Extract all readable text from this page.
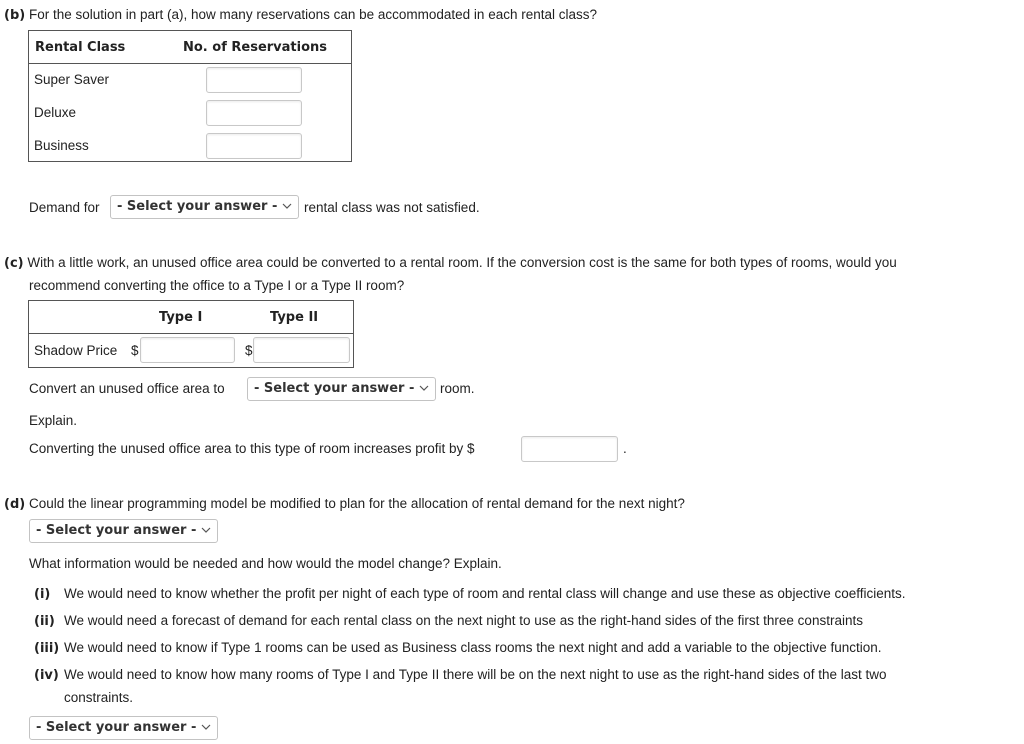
(b) For the solution in part (a), how many reservations can be accommodated in each rental class?
Rental Class	No. of Reservations
Super Saver
Deluxe
Business
Demand for	- Select your answer -	rental class was not satisfied.
(c) With a little work, an unused office area could be converted to a rental room. If the conversion cost is the same for both types of rooms, would you
recommend converting the office to a Type I or a Type II room?
Type I	Type II
Shadow Price $	$
Convert an unused office area to	- Select your answer -	room.
Explain.
Converting the unused office area to this type of room increases profit by $	.
(d) Could the linear programming model be modified to plan for the allocation of rental demand for the next night?
- Select your answer -
What information would be needed and how would the model change? Explain.
(i) We would need to know whether the profit per night of each type of room and rental class will change and use these as objective coefficients.
(ii) We would need a forecast of demand for each rental class on the next night to use as the right-hand sides of the first three constraints
(iii) We would need to know if Type 1 rooms can be used as Business class rooms the next night and add a variable to the objective function.
(iv) We would need to know how many rooms of Type I and Type II there will be on the next night to use as the right-hand sides of the last two
constraints.
- Select your answer -
